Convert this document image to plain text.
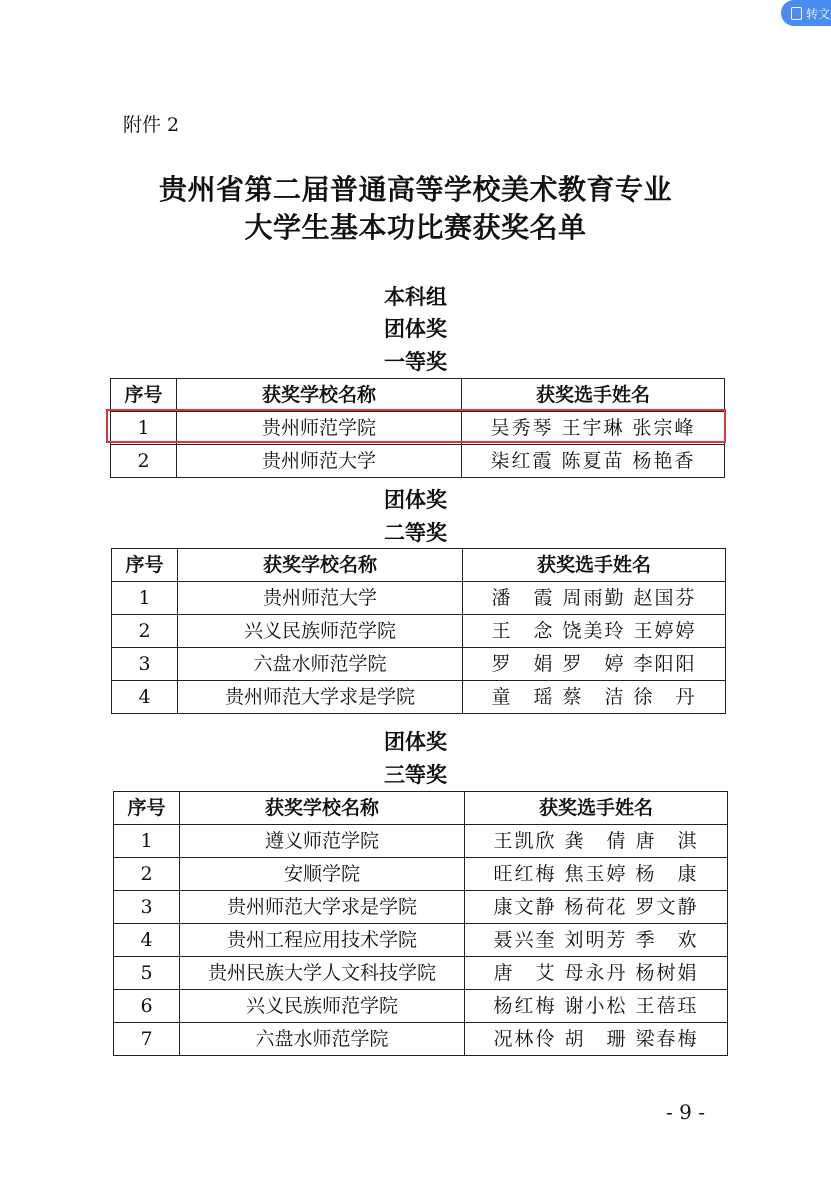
转文
附件 2
贵州省第二届普通高等学校美术教育专业
大学生基本功比赛获奖名单
本科组
团体奖
一等奖
序号	获奖学校名称	获奖选手姓名
1	贵州师范学院	吴秀琴 王宇琳 张宗峰
2	贵州师范大学	柒红霞 陈夏苗 杨艳香
团体奖
二等奖
序号	获奖学校名称	获奖选手姓名
1	贵州师范大学	潘　霞 周雨勤 赵国芬
2	兴义民族师范学院	王　念 饶美玲 王婷婷
3	六盘水师范学院	罗　娟 罗　婷 李阳阳
4	贵州师范大学求是学院	童　瑶 蔡　洁 徐　丹
团体奖
三等奖
序号	获奖学校名称	获奖选手姓名
1	遵义师范学院	王凯欣 龚　倩 唐　淇
2	安顺学院	旺红梅 焦玉婷 杨　康
3	贵州师范大学求是学院	康文静 杨荷花 罗文静
4	贵州工程应用技术学院	聂兴奎 刘明芳 季　欢
5	贵州民族大学人文科技学院	唐　艾 母永丹 杨树娟
6	兴义民族师范学院	杨红梅 谢小松 王蓓珏
7	六盘水师范学院	况林伶 胡　珊 梁春梅
- 9 -
